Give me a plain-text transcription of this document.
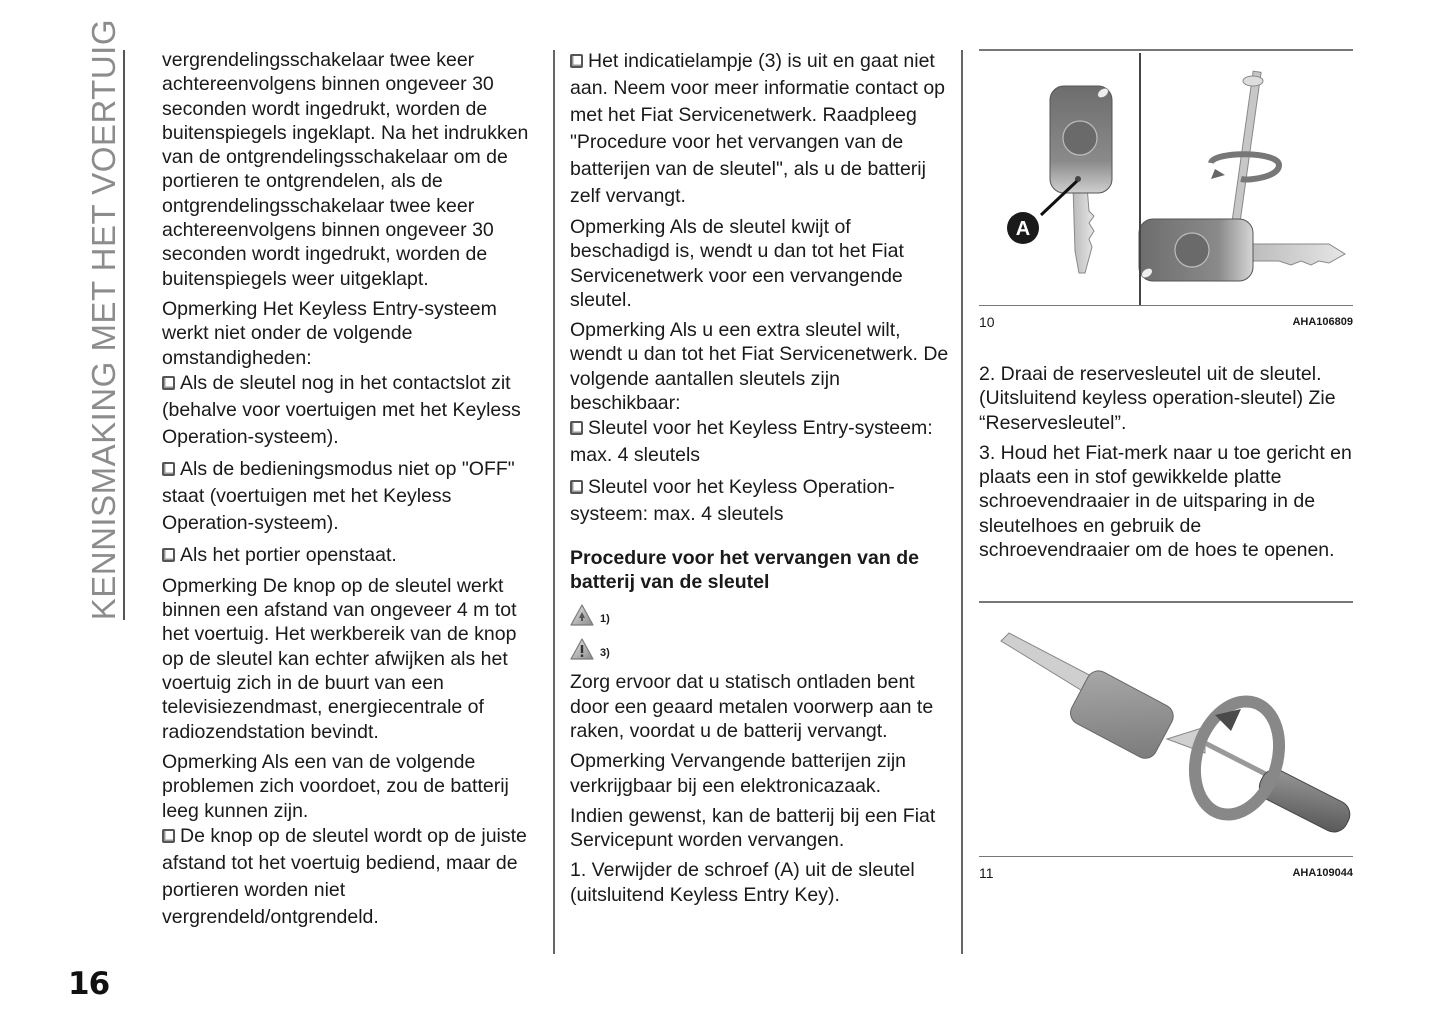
KENNISMAKING MET HET VOERTUIG vergrendelingsschakelaar twee keer achtereenvolgens binnen ongeveer 30 seconden wordt ingedrukt, worden de buitenspiegels ingeklapt. Na het indrukken van de ontgrendelingsschakelaar om de portieren te ontgrendelen, als de ontgrendelingsschakelaar twee keer achtereenvolgens binnen ongeveer 30 seconden wordt ingedrukt, worden de buitenspiegels weer uitgeklapt.

Opmerking Het Keyless Entry-systeem werkt niet onder de volgende omstandigheden:

Als de sleutel nog in het contactslot zit (behalve voor voertuigen met het Keyless Operation-systeem).
Als de bedieningsmodus niet op "OFF" staat (voertuigen met het Keyless Operation-systeem).
Als het portier openstaat.

Opmerking De knop op de sleutel werkt binnen een afstand van ongeveer 4 m tot het voertuig. Het werkbereik van de knop op de sleutel kan echter afwijken als het voertuig zich in de buurt van een televisiezendmast, energiecentrale of radiozendstation bevindt.

Opmerking Als een van de volgende problemen zich voordoet, zou de batterij leeg kunnen zijn.

De knop op de sleutel wordt op de juiste afstand tot het voertuig bediend, maar de portieren worden niet vergrendeld/ontgrendeld.
Het indicatielampje (3) is uit en gaat niet aan. Neem voor meer informatie contact op met het Fiat Servicenetwerk. Raadpleeg "Procedure voor het vervangen van de batterijen van de sleutel", als u de batterij zelf vervangt.

Opmerking Als de sleutel kwijt of beschadigd is, wendt u dan tot het Fiat Servicenetwerk voor een vervangende sleutel.

Opmerking Als u een extra sleutel wilt, wendt u dan tot het Fiat Servicenetwerk. De volgende aantallen sleutels zijn beschikbaar:

Sleutel voor het Keyless Entry-systeem: max. 4 sleutels
Sleutel voor het Keyless Operation-systeem: max. 4 sleutels
Procedure voor het vervangen van de batterij van de sleutel
1)
3)

Zorg ervoor dat u statisch ontladen bent door een geaard metalen voorwerp aan te raken, voordat u de batterij vervangt.

Opmerking Vervangende batterijen zijn verkrijgbaar bij een elektronicazaak.

Indien gewenst, kan de batterij bij een Fiat Servicepunt worden vervangen.

1. Verwijder de schroef (A) uit de sleutel (uitsluitend Keyless Entry Key).

A
10	AHA106809

2. Draai de reservesleutel uit de sleutel. (Uitsluitend keyless operation-sleutel) Zie “Reservesleutel”.

3. Houd het Fiat-merk naar u toe gericht en plaats een in stof gewikkelde platte schroevendraaier in de uitsparing in de sleutelhoes en gebruik de schroevendraaier om de hoes te openen.

11	AHA109044
16
